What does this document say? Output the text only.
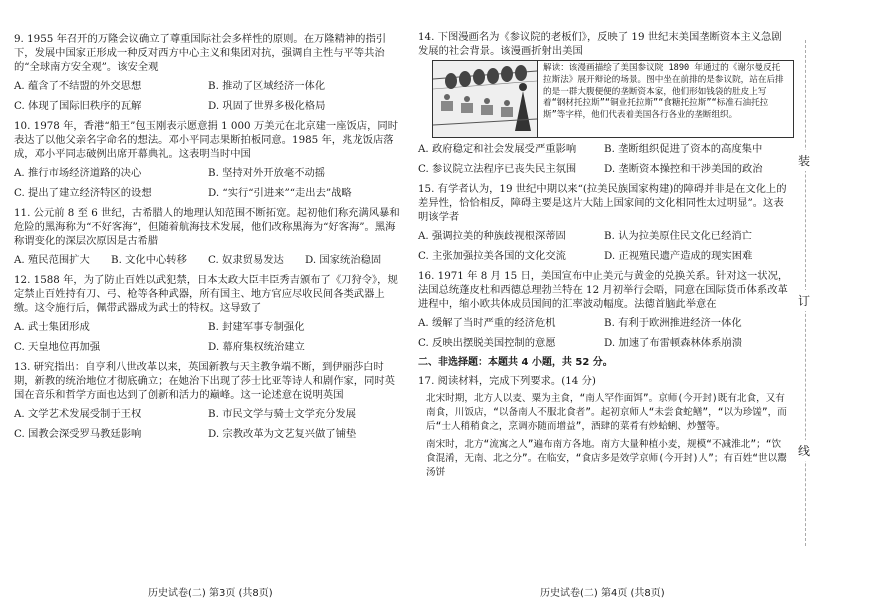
9. 1955 年召开的万隆会议确立了尊重国际社会多样性的原则。在万隆精神的指引下，发展中国家正形成一种反对西方中心主义和集团对抗，强调自主性与平等共治的“全球南方安全观”。该安全观

A. 蕴含了不结盟的外交思想	B. 推动了区域经济一体化
C. 体现了国际旧秩序的瓦解	D. 巩固了世界多极化格局

10. 1978 年，香港“船王”包玉刚表示愿意捐 1 000 万美元在北京建一座饭店，同时表达了以他父亲名字命名的想法。邓小平同志果断拍板同意。1985 年，兆龙饭店落成，邓小平同志破例出席开幕典礼。这表明当时中国

A. 推行市场经济道路的决心	B. 坚持对外开放毫不动摇
C. 提出了建立经济特区的设想	D. “实行“引进来”“走出去”战略

11. 公元前 8 至 6 世纪，古希腊人的地理认知范围不断拓宽。起初他们称充满风暴和危险的黑海称为“不好客海”，但随着航海技术发展，他们改称黑海为“好客海”。黑海称谓变化的深层次原因是古希腊

A. 殖民范围扩大	B. 文化中心转移	C. 奴隶贸易发达	D. 国家统治稳固

12. 1588 年，为了防止百姓以武犯禁，日本太政大臣丰臣秀吉颁布了《刀狩令》，规定禁止百姓持有刀、弓、枪等各种武器，所有国主、地方官应尽收民间各类武器上缴。这令施行后，佩带武器成为武士的特权。这导致了

A. 武士集团形成	B. 封建军事专制强化
C. 天皇地位再加强	D. 幕府集权统治建立

13. 研究指出：自亨利八世改革以来，英国新教与天主教争端不断，到伊丽莎白时期，新教的统治地位才彻底确立；在她治下出现了莎士比亚等诗人和剧作家，同时英国在音乐和哲学方面也达到了创新和活力的巅峰。这一论述意在说明英国

A. 文学艺术发展受制于王权	B. 市民文学与骑士文学充分发展
C. 国教会深受罗马教廷影响	D. 宗教改革为文艺复兴做了铺垫
历史试卷(二) 第3页 (共8页)

14. 下图漫画名为《参议院的老板们》，反映了 19 世纪末美国垄断资本主义急剧发展的社会背景。该漫画折射出美国

解读：该漫画描绘了美国参议院 1890 年通过的《谢尔曼反托拉斯法》展开辩论的场景。图中坐在前排的是参议院，站在后排的是一群大腹便便的垄断资本家，他们形如钱袋的肚皮上写着“钢材托拉斯”“铜业托拉斯”“食糖托拉斯”“标准石油托拉斯”等字样，他们代表着美国各行各业的垄断组织。
A. 政府稳定和社会发展受严重影响	B. 垄断组织促进了资本的高度集中
C. 参议院立法程序已丧失民主氛围	D. 垄断资本操控和干涉美国的政治

15. 有学者认为，19 世纪中期以来“(拉美民族国家构建)的障碍并非是在文化上的差异性，恰恰相反，障碍主要是这片大陆上国家间的文化相同性太过明显”。这表明该学者

A. 强调拉美的种族歧视根深蒂固	B. 认为拉美原住民文化已经消亡
C. 主张加强拉美各国的文化交流	D. 正视殖民遗产造成的现实困难

16. 1971 年 8 月 15 日，美国宣布中止美元与黄金的兑换关系。针对这一状况，法国总统蓬皮杜和西德总理勃兰特在 12 月初举行会晤，同意在国际货币体系改革进程中，缩小欧共体成员国间的汇率波动幅度。法德首脑此举意在

A. 缓解了当时严重的经济危机	B. 有利于欧洲推进经济一体化
C. 反映出摆脱美国控制的意愿	D. 加速了布雷顿森林体系崩溃
二、非选择题：本题共 4 小题，共 52 分。

17. 阅读材料，完成下列要求。(14 分)

北宋时期，北方人以麦、粟为主食，“南人罕作面饵”。京师(今开封)既有北食，又有南食，川饭店，“以备南人不服北食者”。起初京师人“未尝食蛇鳝”，“以为珍馐”，而后“士人稍稍食之，烹调亦随而增益”，酒肆的菜肴有炒蛤蜊、炒蟹等。

南宋时，北方“流寓之人”遍布南方各地。南方大量种植小麦，规模“不减淮北”；“饮食混淆，无南、北之分”。在临安，“食店多是效学京师(今开封)人”；有百姓“世以鬻汤饼

历史试卷(二) 第4页 (共8页)
装
订
线
